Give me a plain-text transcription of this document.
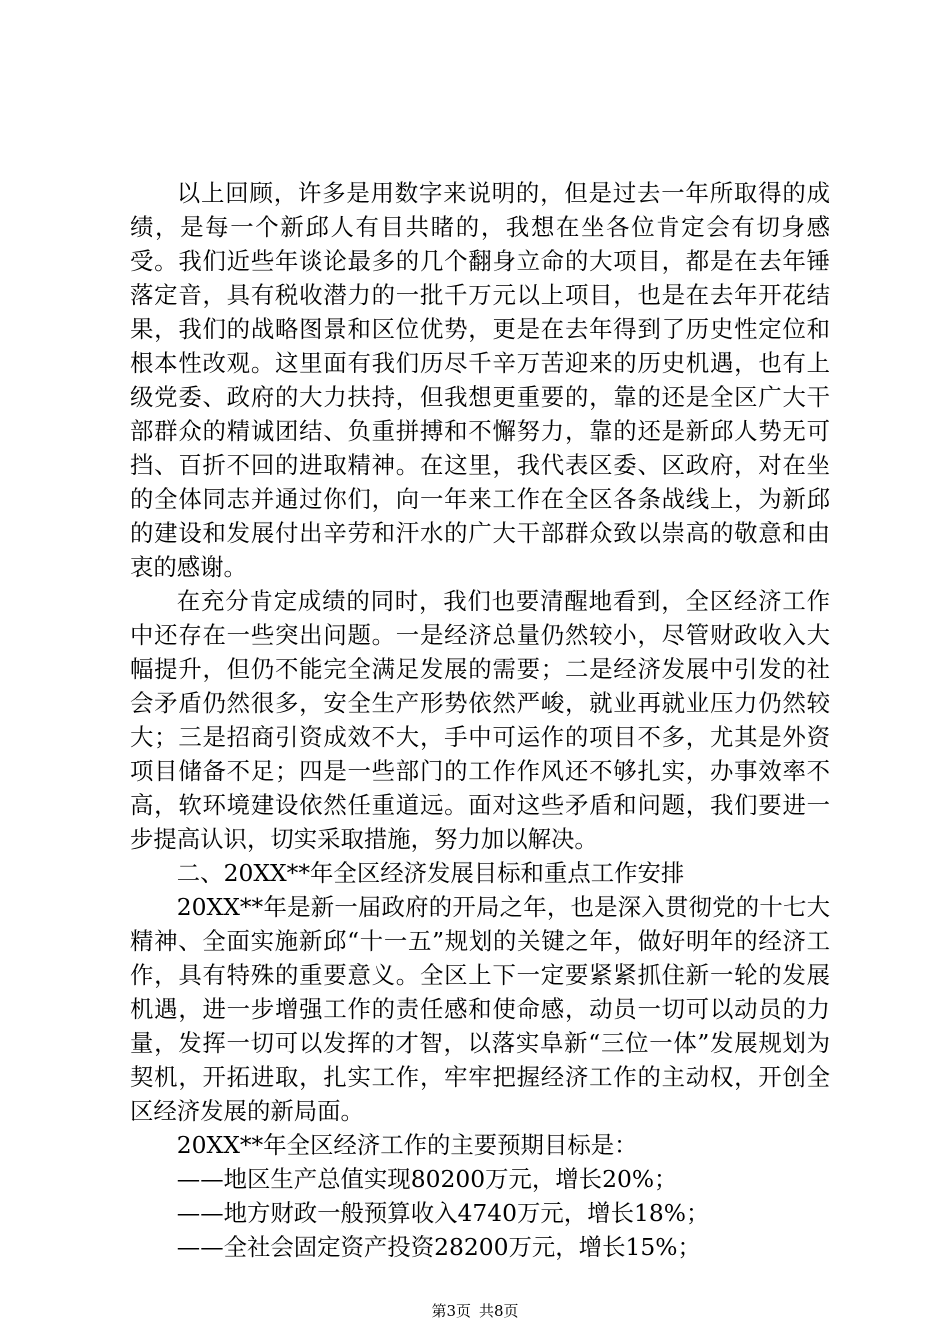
以上回顾，许多是用数字来说明的，但是过去一年所取得的成绩，是每一个新邱人有目共睹的，我想在坐各位肯定会有切身感受。我们近些年谈论最多的几个翻身立命的大项目，都是在去年锤落定音，具有税收潜力的一批千万元以上项目，也是在去年开花结果，我们的战略图景和区位优势，更是在去年得到了历史性定位和根本性改观。这里面有我们历尽千辛万苦迎来的历史机遇，也有上级党委、政府的大力扶持，但我想更重要的，靠的还是全区广大干部群众的精诚团结、负重拼搏和不懈努力，靠的还是新邱人势无可挡、百折不回的进取精神。在这里，我代表区委、区政府，对在坐的全体同志并通过你们，向一年来工作在全区各条战线上，为新邱的建设和发展付出辛劳和汗水的广大干部群众致以崇高的敬意和由衷的感谢。

在充分肯定成绩的同时，我们也要清醒地看到，全区经济工作中还存在一些突出问题。一是经济总量仍然较小，尽管财政收入大幅提升，但仍不能完全满足发展的需要；二是经济发展中引发的社会矛盾仍然很多，安全生产形势依然严峻，就业再就业压力仍然较大；三是招商引资成效不大，手中可运作的项目不多，尤其是外资项目储备不足；四是一些部门的工作作风还不够扎实，办事效率不高，软环境建设依然任重道远。面对这些矛盾和问题，我们要进一步提高认识，切实采取措施，努力加以解决。

二、20XX**年全区经济发展目标和重点工作安排

20XX**年是新一届政府的开局之年，也是深入贯彻党的十七大精神、全面实施新邱“十一五”规划的关键之年，做好明年的经济工作，具有特殊的重要意义。全区上下一定要紧紧抓住新一轮的发展机遇，进一步增强工作的责任感和使命感，动员一切可以动员的力量，发挥一切可以发挥的才智，以落实阜新“三位一体”发展规划为契机，开拓进取，扎实工作，牢牢把握经济工作的主动权，开创全区经济发展的新局面。

20XX**年全区经济工作的主要预期目标是：

——地区生产总值实现80200万元，增长20%；

——地方财政一般预算收入4740万元，增长18%；

——全社会固定资产投资28200万元，增长15%；

第3页 共8页
